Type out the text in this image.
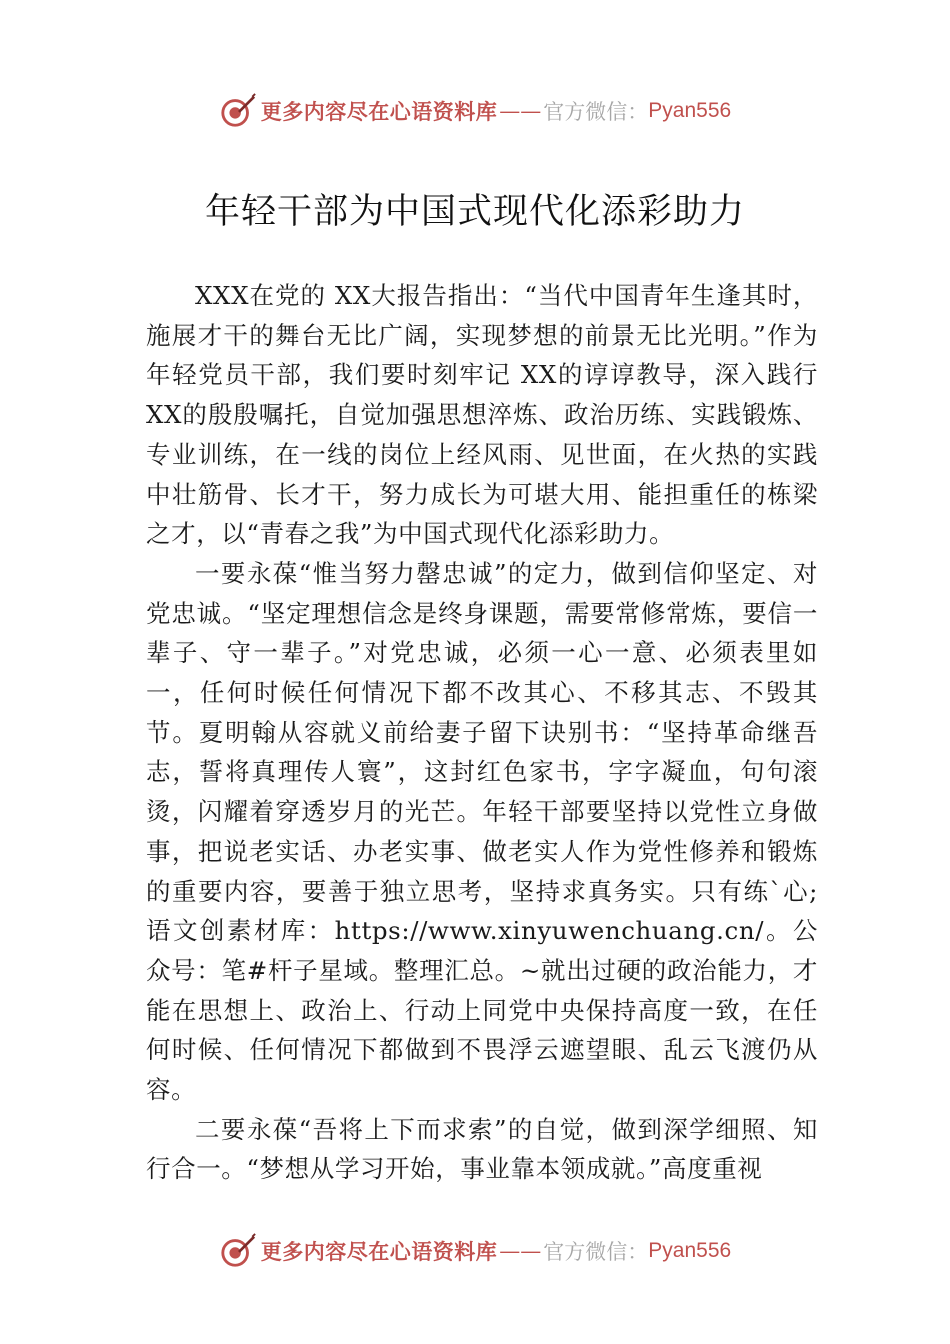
更多内容尽在心语资料库 —— 官方微信： Pyan556
年轻干部为中国式现代化添彩助力

XXX在党的 XX大报告指出：“当代中国青年生逢其时，施展才干的舞台无比广阔，实现梦想的前景无比光明。”作为年轻党员干部，我们要时刻牢记 XX的谆谆教导，深入践行 XX的殷殷嘱托，自觉加强思想淬炼、政治历练、实践锻炼、专业训练，在一线的岗位上经风雨、见世面，在火热的实践中壮筋骨、长才干，努力成长为可堪大用、能担重任的栋梁之才，以“青春之我”为中国式现代化添彩助力。

一要永葆“惟当努力罄忠诚”的定力，做到信仰坚定、对党忠诚。“坚定理想信念是终身课题，需要常修常炼，要信一辈子、守一辈子。”对党忠诚，必须一心一意、必须表里如一，任何时候任何情况下都不改其心、不移其志、不毁其节。夏明翰从容就义前给妻子留下诀别书：“坚持革命继吾志，誓将真理传人寰”，这封红色家书，字字凝血，句句滚烫，闪耀着穿透岁月的光芒。年轻干部要坚持以党性立身做事，把说老实话、办老实事、做老实人作为党性修养和锻炼的重要内容，要善于独立思考，坚持求真务实。只有练`心;语文创素材库：https://www.xinyuwenchuang.cn/。公众号：笔#杆子星域。整理汇总。~就出过硬的政治能力，才能在思想上、政治上、行动上同党中央保持高度一致，在任何时候、任何情况下都做到不畏浮云遮望眼、乱云飞渡仍从容。

二要永葆“吾将上下而求索”的自觉，做到深学细照、知行合一。“梦想从学习开始，事业靠本领成就。”高度重视

更多内容尽在心语资料库 —— 官方微信： Pyan556
